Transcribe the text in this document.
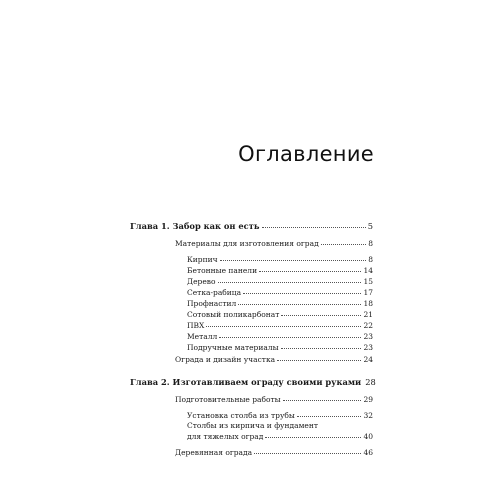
Оглавление
Глава 1. Забор как он есть	5
Материалы для изготовления оград	8
Кирпич	8
Бетонные панели	14
Дерево	15
Сетка-рабица	17
Профнастил	18
Сотовый поликарбонат	21
ПВХ	22
Металл	23
Подручные материалы	23
Ограда и дизайн участка	24
Глава 2. Изготавливаем ограду своими руками 28
Подготовительные работы	29
Установка столба из трубы	32
Столбы из кирпича и фундамент
для тяжелых оград	40
Деревянная ограда	46
